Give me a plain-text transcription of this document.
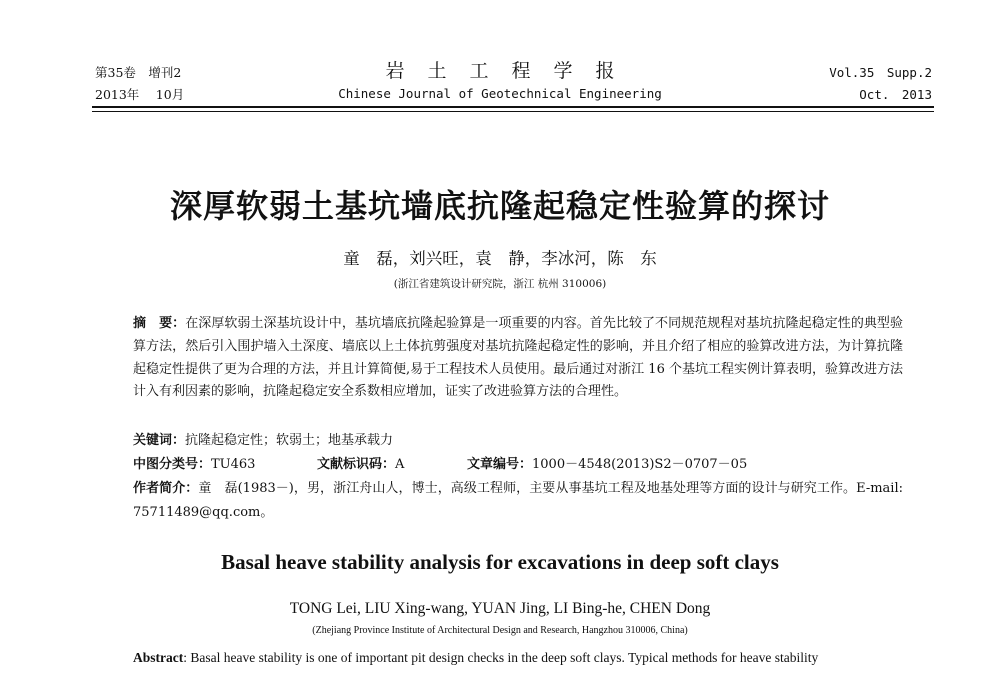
第35卷　增刊2
2013年　 10月
岩土工程学报
Chinese Journal of Geotechnical Engineering
Vol.35　Supp.2
Oct.　2013
深厚软弱土基坑墙底抗隆起稳定性验算的探讨
童　磊，刘兴旺，袁　静，李冰河，陈　东
(浙江省建筑设计研究院，浙江 杭州 310006)
摘　要：在深厚软弱土深基坑设计中，基坑墙底抗隆起验算是一项重要的内容。首先比较了不同规范规程对基坑抗隆起稳定性的典型验算方法，然后引入围护墙入土深度、墙底以上土体抗剪强度对基坑抗隆起稳定性的影响，并且介绍了相应的验算改进方法，为计算抗隆起稳定性提供了更为合理的方法，并且计算简便,易于工程技术人员使用。最后通过对浙江 16 个基坑工程实例计算表明，验算改进方法计入有利因素的影响，抗隆起稳定安全系数相应增加，证实了改进验算方法的合理性。
关键词：抗隆起稳定性；软弱土；地基承载力
中图分类号：TU463	文献标识码：A	文章编号：1000－4548(2013)S2－0707－05
作者简介：童　磊(1983－)，男，浙江舟山人，博士，高级工程师，主要从事基坑工程及地基处理等方面的设计与研究工作。E-mail: 75711489@qq.com。
Basal heave stability analysis for excavations in deep soft clays
TONG Lei, LIU Xing-wang, YUAN Jing, LI Bing-he, CHEN Dong
(Zhejiang Province Institute of Architectural Design and Research, Hangzhou 310006, China)
Abstract: Basal heave stability is one of important pit design checks in the deep soft clays. Typical methods for heave stability
